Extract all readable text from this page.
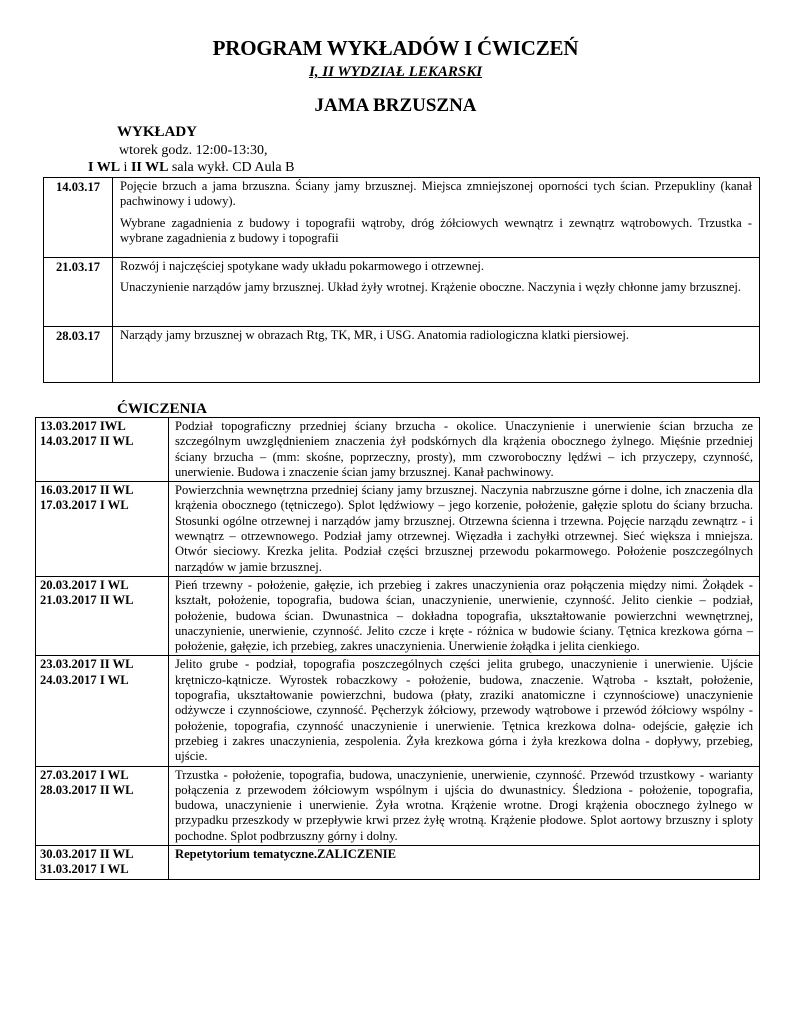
PROGRAM WYKŁADÓW I ĆWICZEŃ
I, II WYDZIAŁ LEKARSKI
JAMA BRZUSZNA
WYKŁADY
wtorek godz. 12:00-13:30,
I WL i II WL sala wykł. CD Aula B
14.03.17	Pojęcie brzuch a jama brzuszna. Ściany jamy brzusznej. Miejsca zmniejszonej oporności tych ścian. Przepukliny (kanał pachwinowy i udowy).

Wybrane zagadnienia z budowy i topografii wątroby, dróg żółciowych wewnątrz i zewnątrz wątrobowych. Trzustka - wybrane zagadnienia z budowy i topografii

21.03.17	Rozwój i najczęściej spotykane wady układu pokarmowego i otrzewnej.

Unaczynienie narządów jamy brzusznej. Układ żyły wrotnej. Krążenie oboczne. Naczynia i węzły chłonne jamy brzusznej.

28.03.17	Narządy jamy brzusznej w obrazach Rtg, TK, MR, i USG. Anatomia radiologiczna klatki piersiowej.

ĆWICZENIA
13.03.2017 IWL
14.03.2017 II WL	Podział topograficzny przedniej ściany brzucha - okolice. Unaczynienie i unerwienie ścian brzucha ze szczególnym uwzględnieniem znaczenia żył podskórnych dla krążenia obocznego żylnego. Mięśnie przedniej ściany brzucha – (mm: skośne, poprzeczny, prosty), mm czworoboczny lędźwi – ich przyczepy, czynność, unerwienie. Budowa i znaczenie ścian jamy brzusznej. Kanał pachwinowy.

16.03.2017 II WL
17.03.2017 I WL	Powierzchnia wewnętrzna przedniej ściany jamy brzusznej. Naczynia nabrzuszne górne i dolne, ich znaczenia dla krążenia obocznego (tętniczego). Splot lędźwiowy – jego korzenie, położenie, gałęzie splotu do ściany brzucha. Stosunki ogólne otrzewnej i narządów jamy brzusznej. Otrzewna ścienna i trzewna. Pojęcie narządu zewnątrz - i wewnątrz – otrzewnowego. Podział jamy otrzewnej. Więzadła i zachyłki otrzewnej. Sieć większa i mniejsza. Otwór sieciowy. Krezka jelita. Podział części brzusznej przewodu pokarmowego. Położenie poszczególnych narządów w jamie brzusznej.

20.03.2017 I WL
21.03.2017 II WL	Pień trzewny - położenie, gałęzie, ich przebieg i zakres unaczynienia oraz połączenia między nimi. Żołądek - kształt, położenie, topografia, budowa ścian, unaczynienie, unerwienie, czynność. Jelito cienkie – podział, położenie, budowa ścian. Dwunastnica – dokładna topografia, ukształtowanie powierzchni wewnętrznej, unaczynienie, unerwienie, czynność. Jelito czcze i kręte - różnica w budowie ściany. Tętnica krezkowa górna – położenie, gałęzie, ich przebieg, zakres unaczynienia. Unerwienie żołądka i jelita cienkiego.

23.03.2017 II WL
24.03.2017 I WL	Jelito grube - podział, topografia poszczególnych części jelita grubego, unaczynienie i unerwienie. Ujście krętniczo-kątnicze. Wyrostek robaczkowy - położenie, budowa, znaczenie. Wątroba - kształt, położenie, topografia, ukształtowanie powierzchni, budowa (płaty, zraziki anatomiczne i czynnościowe) unaczynienie odżywcze i czynnościowe, czynność. Pęcherzyk żółciowy, przewody wątrobowe i przewód żółciowy wspólny - położenie, topografia, czynność unaczynienie i unerwienie. Tętnica krezkowa dolna- odejście, gałęzie ich przebieg i zakres unaczynienia, zespolenia. Żyła krezkowa górna i żyła krezkowa dolna - dopływy, przebieg, ujście.

27.03.2017 I WL
28.03.2017 II WL	Trzustka - położenie, topografia, budowa, unaczynienie, unerwienie, czynność. Przewód trzustkowy - warianty połączenia z przewodem żółciowym wspólnym i ujścia do dwunastnicy. Śledziona - położenie, topografia, budowa, unaczynienie i unerwienie. Żyła wrotna. Krążenie wrotne. Drogi krążenia obocznego żylnego w przypadku przeszkody w przepływie krwi przez żyłę wrotną. Krążenie płodowe. Splot aortowy brzuszny i sploty pochodne. Splot podbrzuszny górny i dolny.

30.03.2017 II WL
31.03.2017 I WL	Repetytorium tematyczne.ZALICZENIE
